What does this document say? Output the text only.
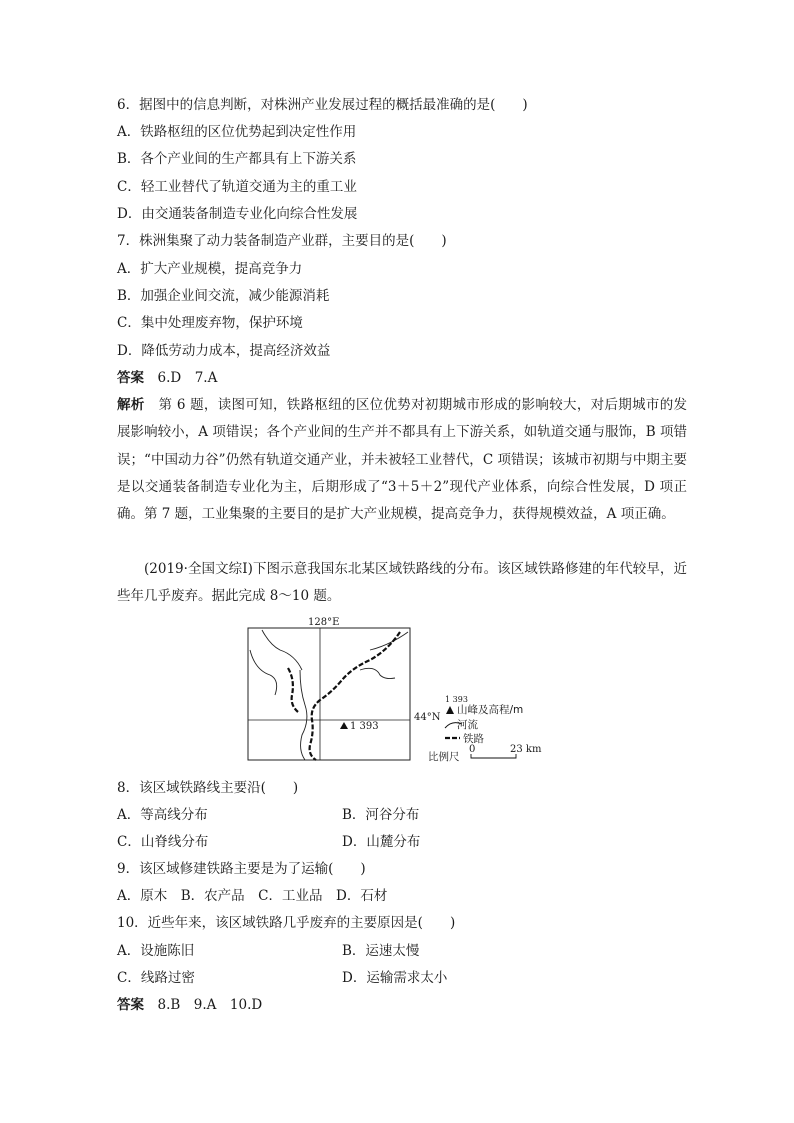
6．据图中的信息判断，对株洲产业发展过程的概括最准确的是(　　)
A．铁路枢纽的区位优势起到决定性作用
B．各个产业间的生产都具有上下游关系
C．轻工业替代了轨道交通为主的重工业
D．由交通装备制造专业化向综合性发展
7．株洲集聚了动力装备制造产业群，主要目的是(　　)
A．扩大产业规模，提高竞争力
B．加强企业间交流，减少能源消耗
C．集中处理废弃物，保护环境
D．降低劳动力成本，提高经济效益
答案　 6.D　7.A
解析　 第 6 题，读图可知，铁路枢纽的区位优势对初期城市形成的影响较大，对后期城市的发展影响较小，A 项错误；各个产业间的生产并不都具有上下游关系，如轨道交通与服饰，B 项错误；“中国动力谷”仍然有轨道交通产业，并未被轻工业替代，C 项错误；该城市初期与中期主要是以交通装备制造专业化为主，后期形成了“3＋5＋2”现代产业体系，向综合性发展，D 项正确。第 7 题，工业集聚的主要目的是扩大产业规模，提高竞争力，获得规模效益，A 项正确。
(2019·全国文综Ⅰ)下图示意我国东北某区域铁路线的分布。该区域铁路修建的年代较早，近些年几乎废弃。据此完成 8～10 题。
128°E
44°N
1 393
1 393
山峰及高程/m
河流
铁路
比例尺
0	23 km
8．该区域铁路线主要沿(　　)
A．等高线分布	B．河谷分布
C．山脊线分布	D．山麓分布
9．该区域修建铁路主要是为了运输(　　)
A．原木　B．农产品　C．工业品　D．石材
10．近些年来，该区域铁路几乎废弃的主要原因是(　　)
A．设施陈旧	B．运速太慢
C．线路过密	D．运输需求太小
答案　 8.B　9.A　10.D
